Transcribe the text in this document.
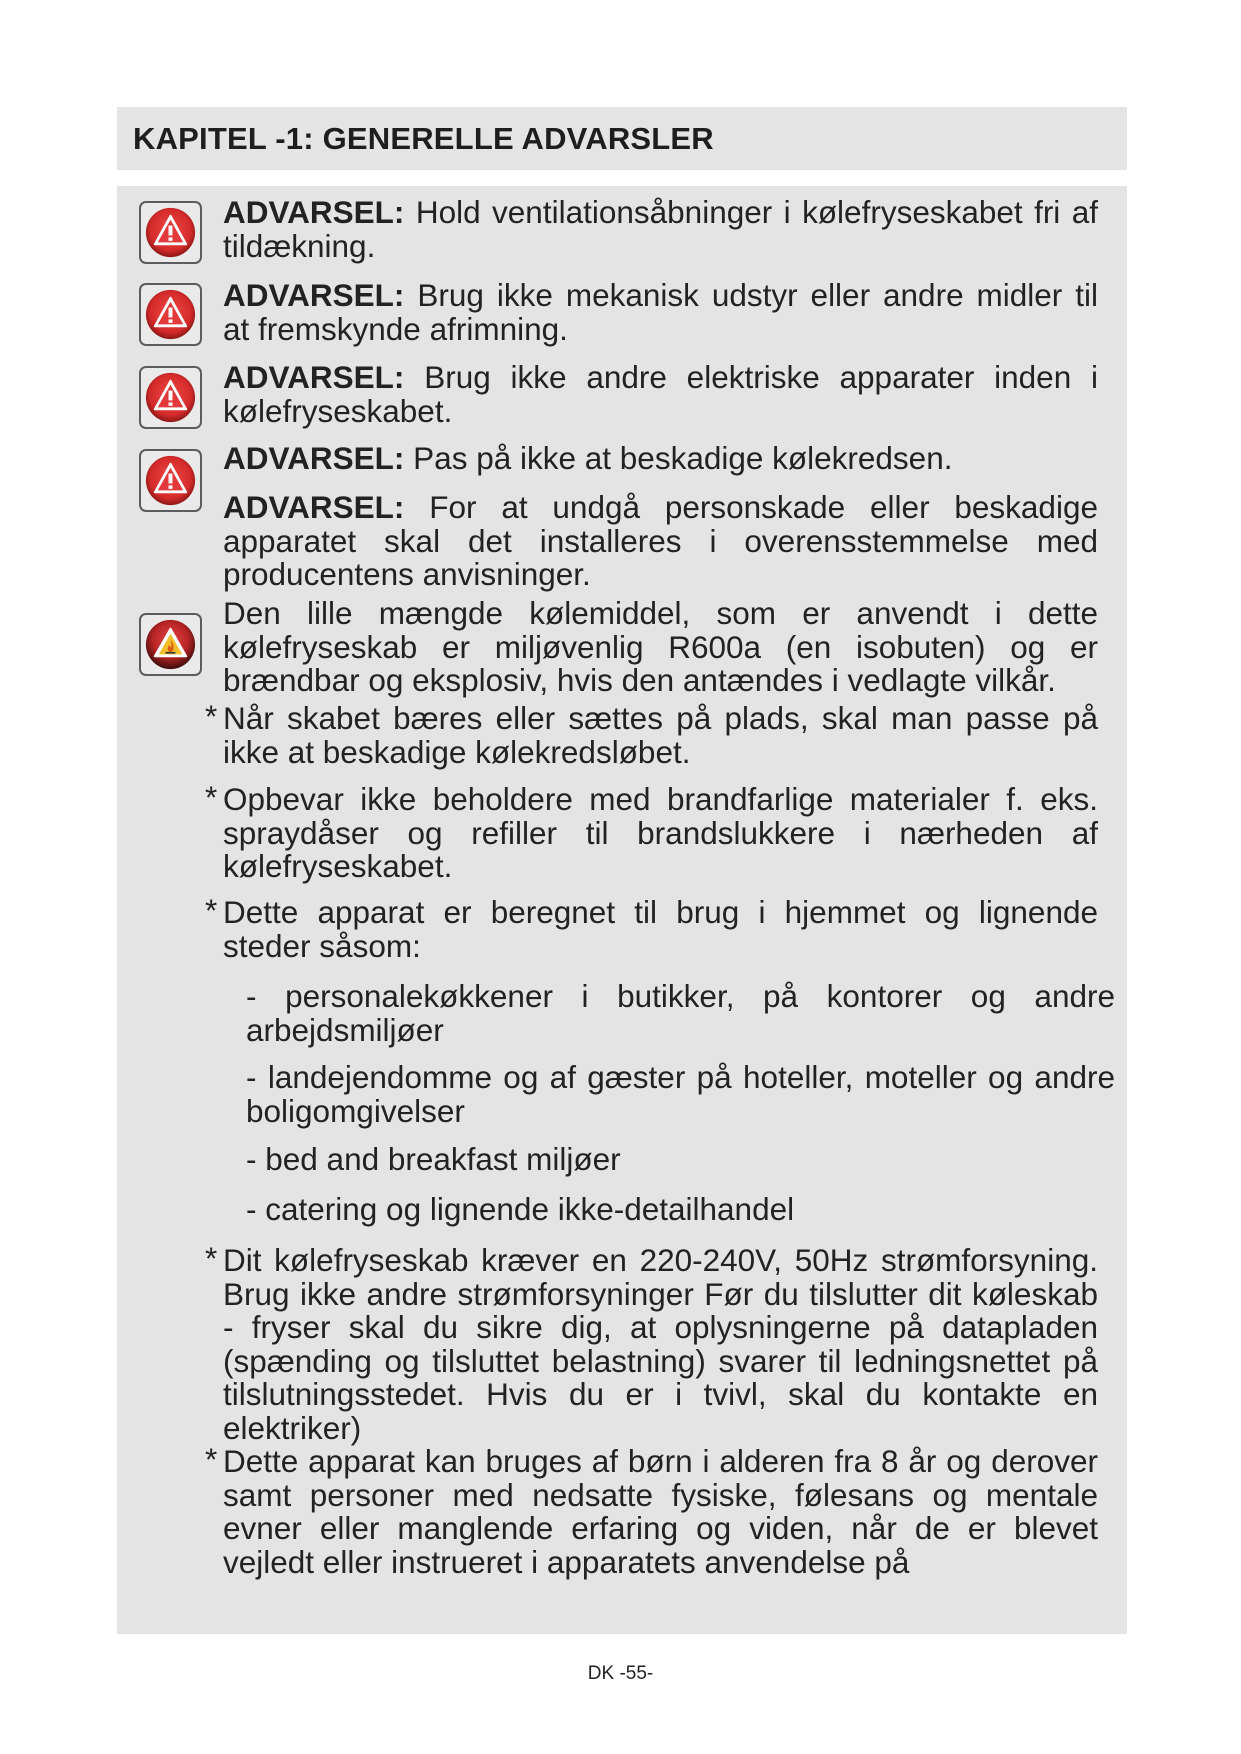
KAPITEL -1: GENERELLE ADVARSLER

ADVARSEL: Hold ventilationsåbninger i kølefryseskabet fri af tildækning.

ADVARSEL: Brug ikke mekanisk udstyr eller andre midler til at fremskynde afrimning.

ADVARSEL: Brug ikke andre elektriske apparater inden i kølefryseskabet.

ADVARSEL: Pas på ikke at beskadige kølekredsen.

ADVARSEL: For at undgå personskade eller beskadige apparatet skal det installeres i overensstemmelse med producentens anvisninger.

Den lille mængde kølemiddel, som er anvendt i dette kølefryseskab er miljøvenlig R600a (en isobuten) og er brændbar og eksplosiv, hvis den antændes i vedlagte vilkår.

* Når skabet bæres eller sættes på plads, skal man passe på ikke at beskadige kølekredsløbet.

* Opbevar ikke beholdere med brandfarlige materialer f. eks. spraydåser og refiller til brandslukkere i nærheden af kølefryseskabet.

* Dette apparat er beregnet til brug i hjemmet og lignende steder såsom:

- personalekøkkener i butikker, på kontorer og andre arbejdsmiljøer

- landejendomme og af gæster på hoteller, moteller og andre boligomgivelser

- bed and breakfast miljøer

- catering og lignende ikke-detailhandel

* Dit kølefryseskab kræver en 220-240V, 50Hz strømforsyning. Brug ikke andre strømforsyninger Før du tilslutter dit køleskab - fryser skal du sikre dig, at oplysningerne på datapladen (spænding og tilsluttet belastning) svarer til ledningsnettet på tilslutningsstedet. Hvis du er i tvivl, skal du kontakte en elektriker)

* Dette apparat kan bruges af børn i alderen fra 8 år og derover samt personer med nedsatte fysiske, følesans og mentale evner eller manglende erfaring og viden, når de er blevet vejledt eller instrueret i apparatets anvendelse på

DK -55-
